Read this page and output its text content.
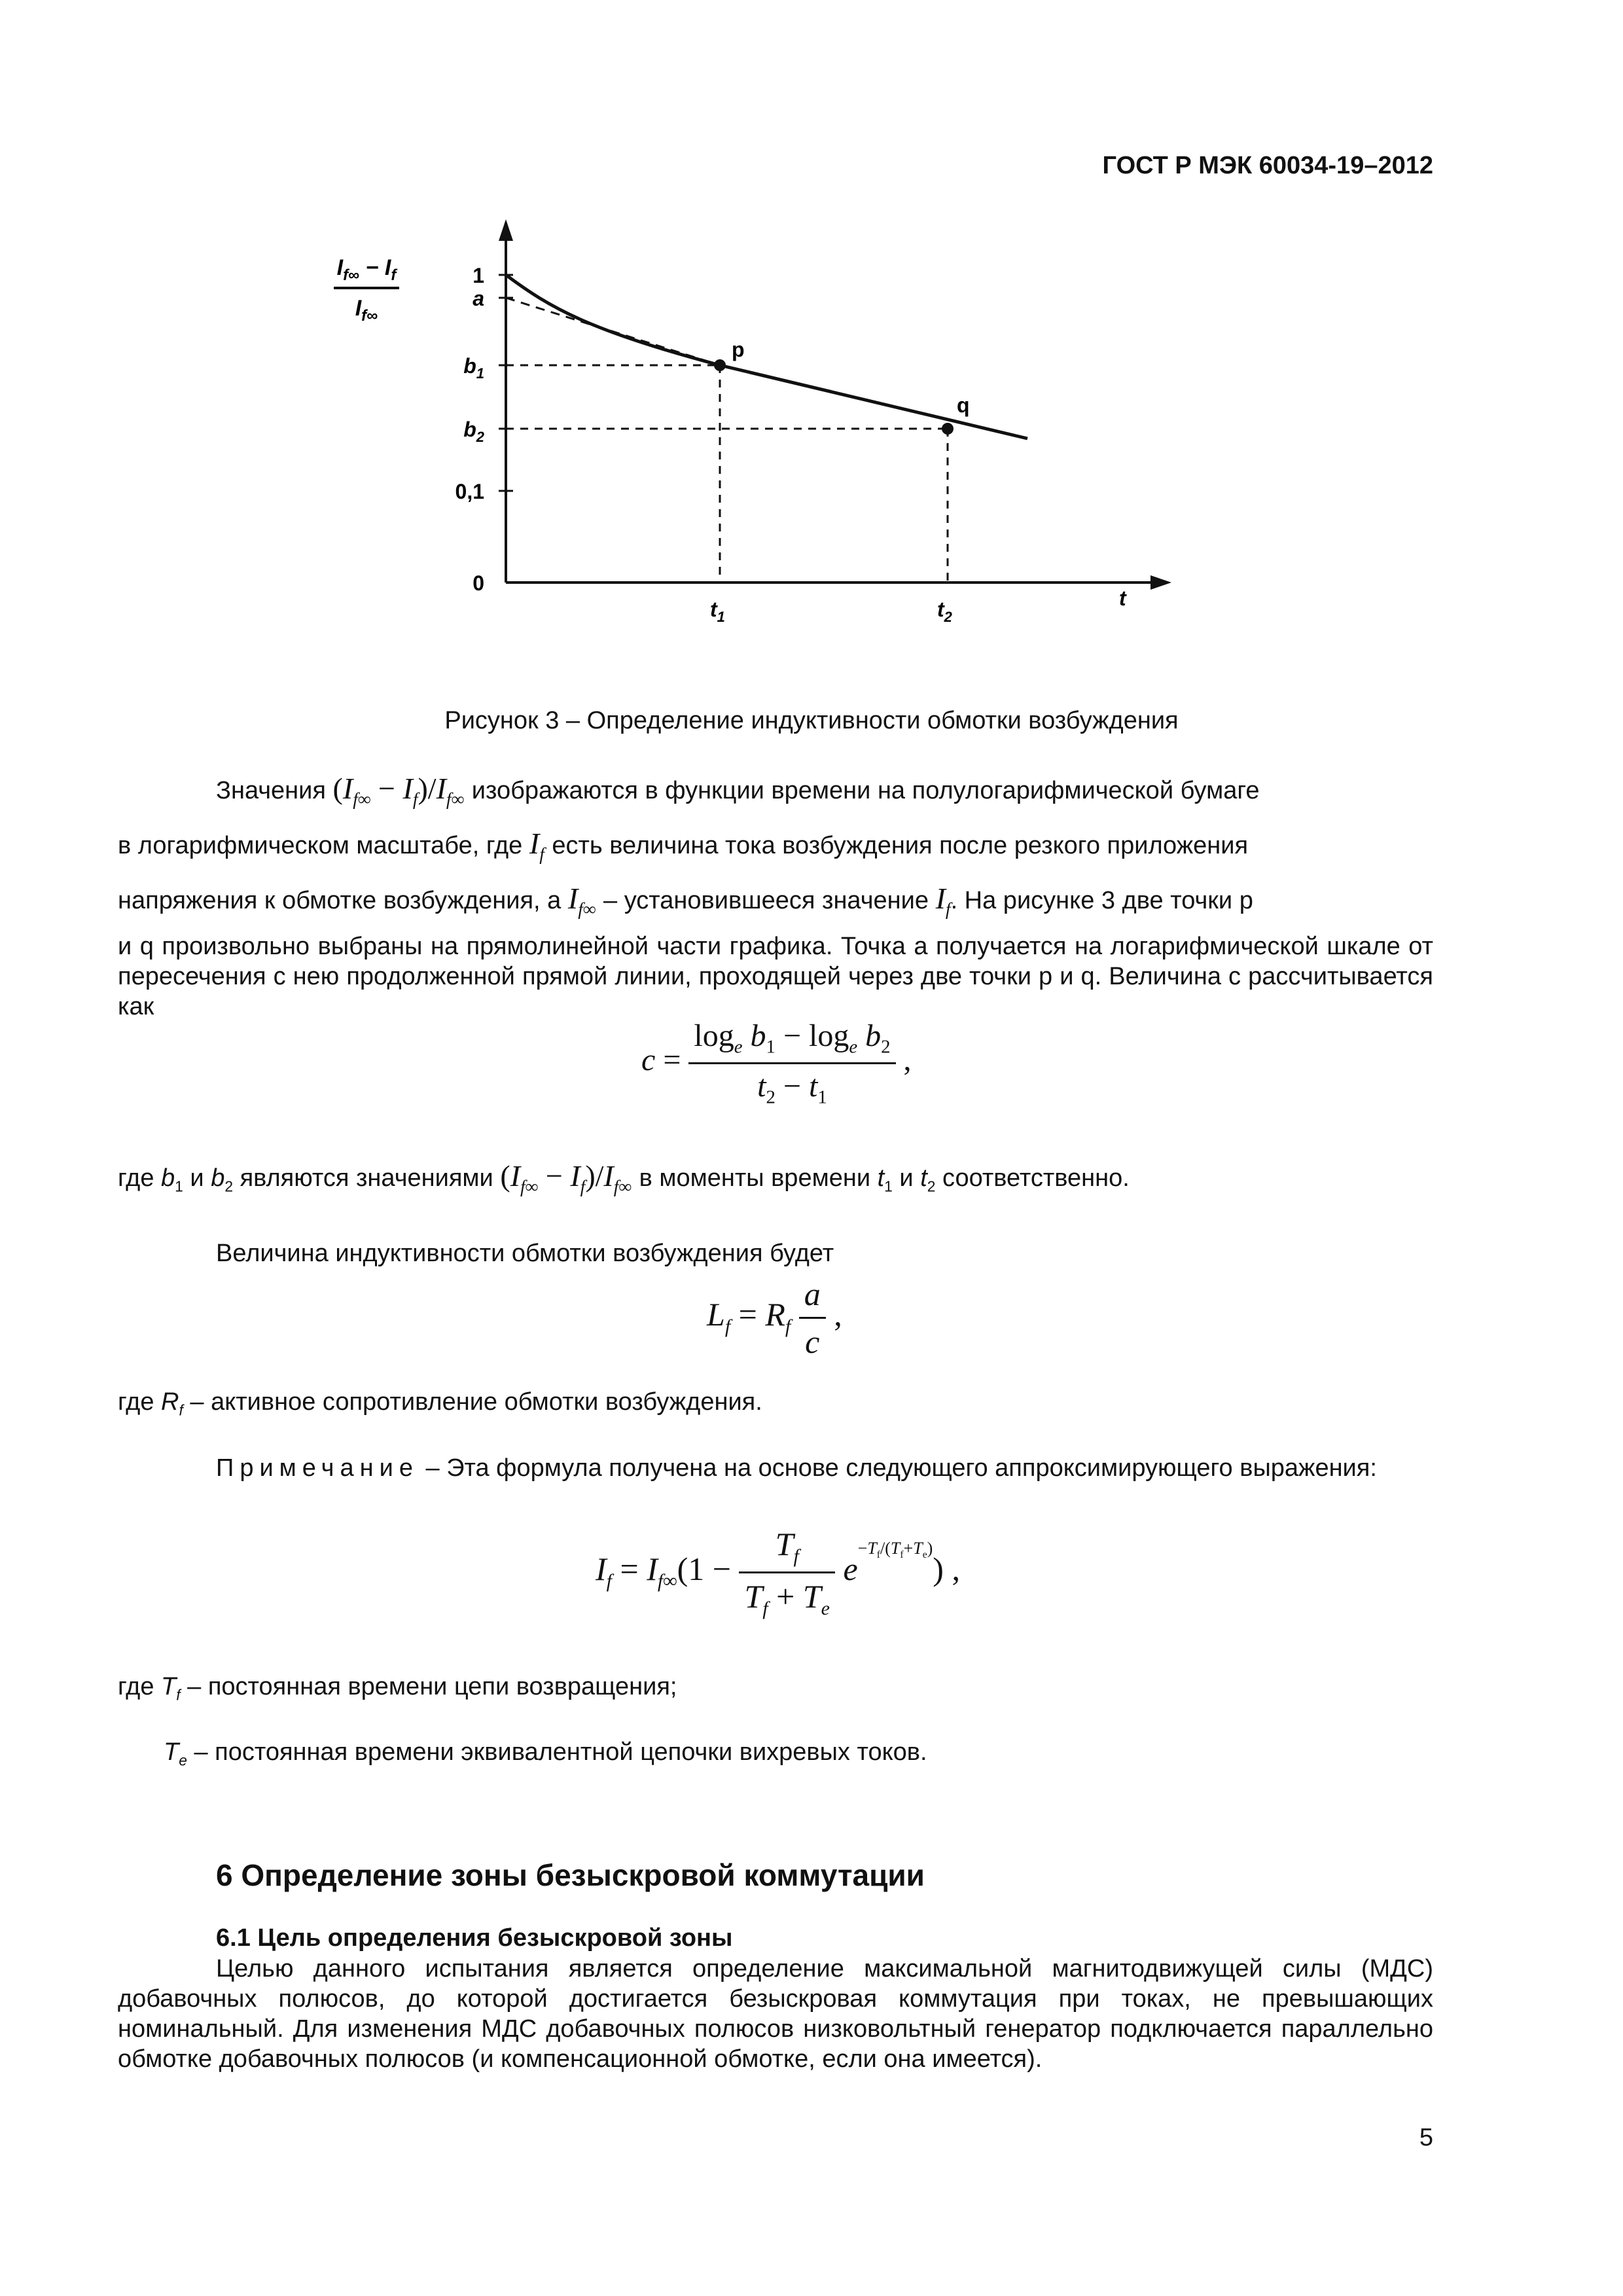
ГОСТ Р МЭК 60034-19–2012
$I_{f\infty} - I_f$
$I_{f\infty}$
1
a
$b_1$
$b_2$
0,1
0
p
q
$t_1$	$t_2$
t
Рисунок 3 – Определение индуктивности обмотки возбуждения
Значения $(I_{f\infty} - I_f)/I_{f\infty}$ изображаются в функции времени на полулогарифмической бумаге
в логарифмическом масштабе, где $I_f$ есть величина тока возбуждения после резкого приложения
напряжения к обмотке возбуждения, а $I_{f\infty}$ – установившееся значение $I_f$. На рисунке 3 две точки p
и q произвольно выбраны на прямолинейной части графика. Точка a получается на логарифмической шкале от пересечения с нею продолженной прямой линии, проходящей через две точки p и q. Величина c рассчитывается как
$c = \frac{\log_e b_1 - \log_e b_2}{t_2 - t_1}$ ,
где $b_1$ и $b_2$ являются значениями $(I_{f\infty} - I_f)/I_{f\infty}$ в моменты времени $t_1$ и $t_2$ соответственно.
Величина индуктивности обмотки возбуждения будет
$L_f = R_f \frac{a}{c}$ ,
где $R_f$ – активное сопротивление обмотки возбуждения.
Примечание – Эта формула получена на основе следующего аппроксимирующего выражения:
$I_f = I_{f\infty}(1 - \frac{T_f}{T_f + T_e} e^{-T_f/(T_f+T_e)})$ ,
где $T_f$ – постоянная времени цепи возвращения;
$T_e$ – постоянная времени эквивалентной цепочки вихревых токов.
6 Определение зоны безыскровой коммутации
6.1 Цель определения безыскровой зоны
Целью данного испытания является определение максимальной магнитодвижущей силы (МДС) добавочных полюсов, до которой достигается безыскровая коммутация при токах, не превышающих номинальный. Для изменения МДС добавочных полюсов низковольтный генератор подключается параллельно обмотке добавочных полюсов (и компенсационной обмотке, если она имеется).
5
